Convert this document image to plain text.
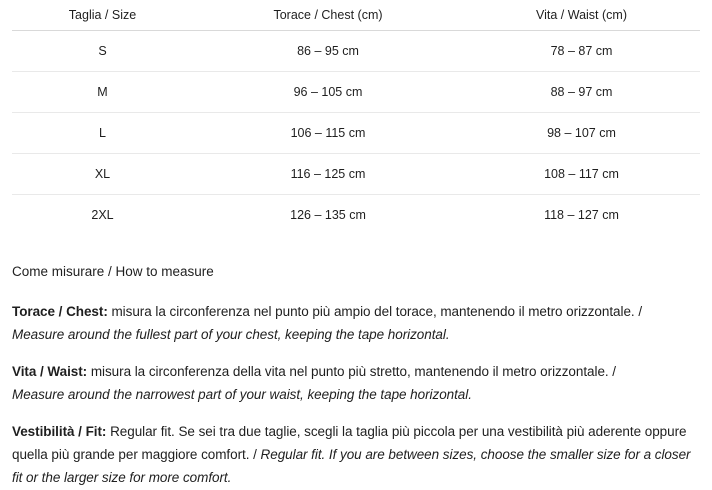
Taglia / Size	Torace / Chest (cm)	Vita / Waist (cm)
S	86 – 95 cm	78 – 87 cm
M	96 – 105 cm	88 – 97 cm
L	106 – 115 cm	98 – 107 cm
XL	116 – 125 cm	108 – 117 cm
2XL	126 – 135 cm	118 – 127 cm
Come misurare / How to measure

Torace / Chest: misura la circonferenza nel punto più ampio del torace, mantenendo il metro orizzontale. /
Measure around the fullest part of your chest, keeping the tape horizontal.

Vita / Waist: misura la circonferenza della vita nel punto più stretto, mantenendo il metro orizzontale. /
Measure around the narrowest part of your waist, keeping the tape horizontal.

Vestibilità / Fit: Regular fit. Se sei tra due taglie, scegli la taglia più piccola per una vestibilità più aderente oppure quella più grande per maggiore comfort. / Regular fit. If you are between sizes, choose the smaller size for a closer fit or the larger size for more comfort.
